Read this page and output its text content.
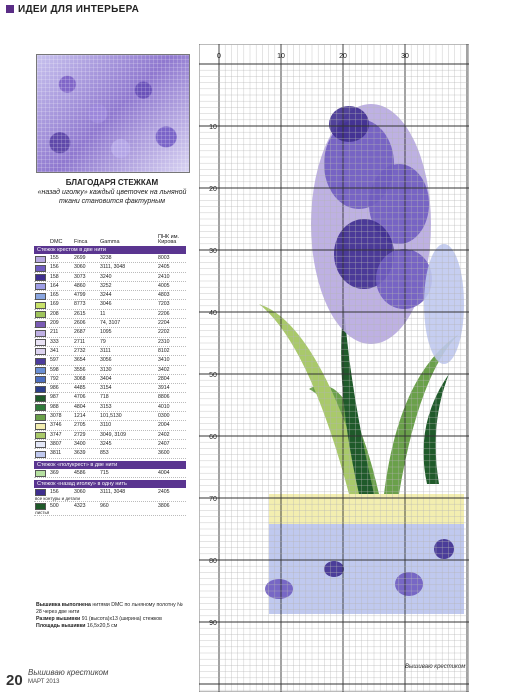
ИДЕИ ДЛЯ ИНТЕРЬЕРА
БЛАГОДАРЯ СТЕЖКАМ
«назад иголку» каждый цветочек на льняной ткани становится фактурным
DMC Finca Gamma
ПНК им. Кирова
Стежок крестом в две нити
155	2699	3238	8003
156	3060	3111, 3048	2405
158	3073	3240	2410
164	4860	3252	4005
165	4799	3244	4803
169	8773	3046	7203
208	2615	11	2206
209	2606	74, 3107	2204
211	2687	1095	2202
333	2711	79	2310
341	2732	3111	8102
597	3654	3056	3410
598	3556	3130	3402
792	3068	3404	2804
986	4485	3154	3914
987	4706	718	8806
988	4804	3153	4010
3078 1214	101,5130	0300
3746 2705	3110	2004
3747 2729	3049, 3109	2402
3807 3400	3245	2407
3811 3639	853	3600
Стежок «полукрест» в две нити
369	4586	715	4004
Стежок «назад иголку» в одну нить
156	3060	3111, 3048	2405
все контуры и детали
500	4323	960	3806
листья
Вышивка выполнена нитями DMC по льняному полотну № 28 через две нити
Размер вышивки 91 (высота)х13 (ширина) стежков
Площадь вышивки 16,5х20,5 см
20 Вышиваю крестиком
МАРТ 2013
0	10	20	30
10
20
30
40
50
60
70
80
90
Вышиваю крестиком
